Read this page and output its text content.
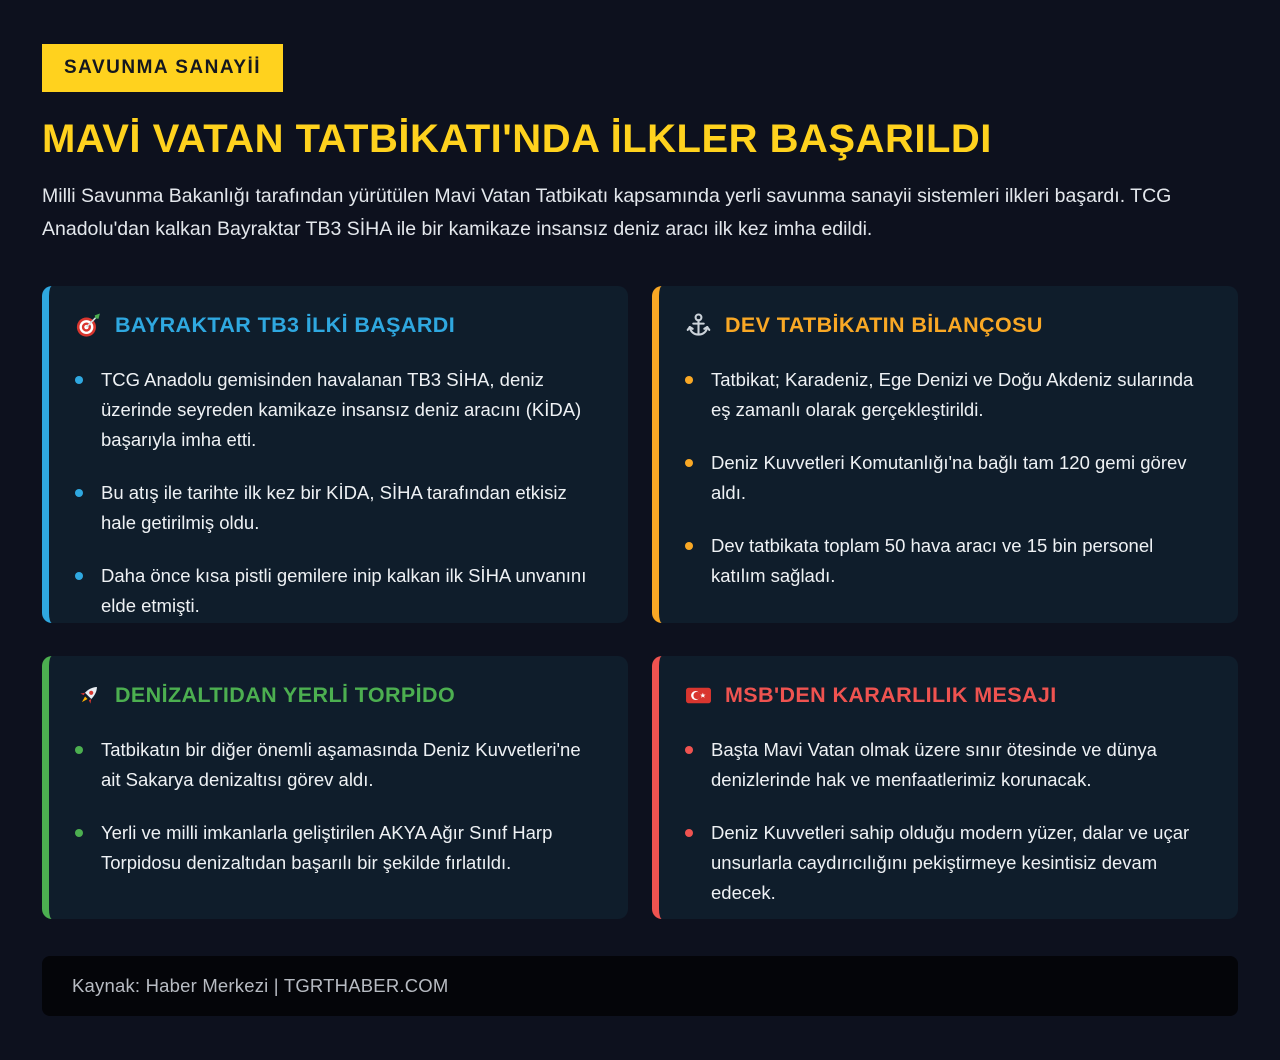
SAVUNMA SANAYİİ
MAVİ VATAN TATBİKATI'NDA İLKLER BAŞARILDI

Milli Savunma Bakanlığı tarafından yürütülen Mavi Vatan Tatbikatı kapsamında yerli savunma sanayii sistemleri ilkleri başardı. TCG Anadolu'dan kalkan Bayraktar TB3 SİHA ile bir kamikaze insansız deniz aracı ilk kez imha edildi.

BAYRAKTAR TB3 İLKİ BAŞARDI
TCG Anadolu gemisinden havalanan TB3 SİHA, deniz üzerinde seyreden kamikaze insansız deniz aracını (KİDA) başarıyla imha etti.
Bu atış ile tarihte ilk kez bir KİDA, SİHA tarafından etkisiz hale getirilmiş oldu.
Daha önce kısa pistli gemilere inip kalkan ilk SİHA unvanını elde etmişti.
DEV TATBİKATIN BİLANÇOSU
Tatbikat; Karadeniz, Ege Denizi ve Doğu Akdeniz sularında eş zamanlı olarak gerçekleştirildi.
Deniz Kuvvetleri Komutanlığı'na bağlı tam 120 gemi görev aldı.
Dev tatbikata toplam 50 hava aracı ve 15 bin personel katılım sağladı.
DENİZALTIDAN YERLİ TORPİDO
Tatbikatın bir diğer önemli aşamasında Deniz Kuvvetleri'ne ait Sakarya denizaltısı görev aldı.
Yerli ve milli imkanlarla geliştirilen AKYA Ağır Sınıf Harp Torpidosu denizaltıdan başarılı bir şekilde fırlatıldı.
MSB'DEN KARARLILIK MESAJI
Başta Mavi Vatan olmak üzere sınır ötesinde ve dünya denizlerinde hak ve menfaatlerimiz korunacak.
Deniz Kuvvetleri sahip olduğu modern yüzer, dalar ve uçar unsurlarla caydırıcılığını pekiştirmeye kesintisiz devam edecek.
Kaynak: Haber Merkezi | TGRTHABER.COM
